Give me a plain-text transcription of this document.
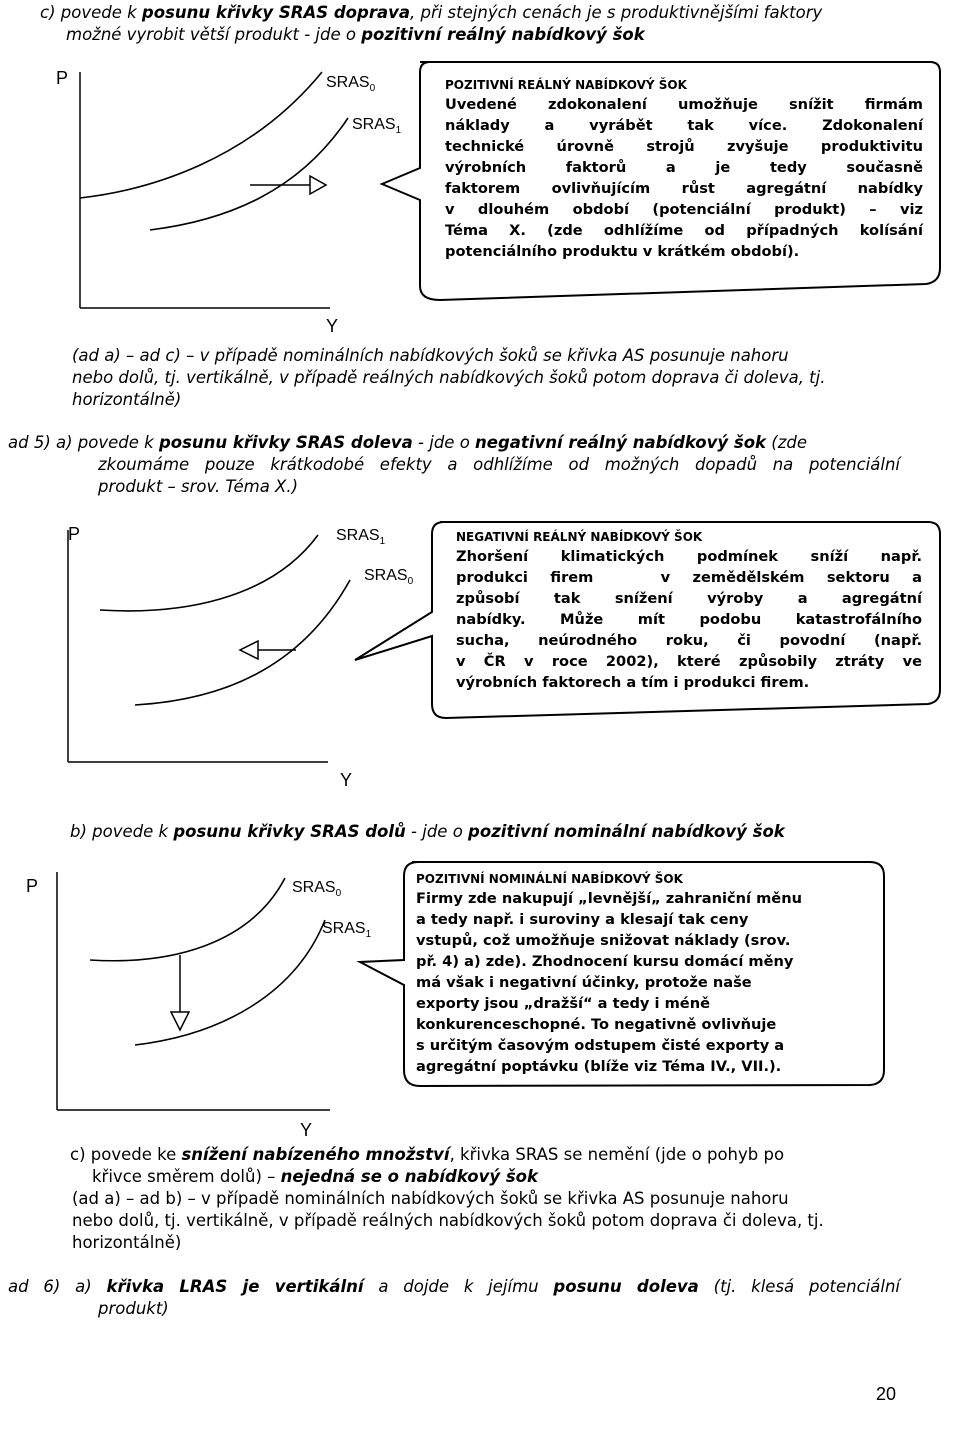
c) povede k posunu křivky SRAS doprava, při stejných cenách je s produktivnějšími faktory
možné vyrobit větší produkt - jde o pozitivní reálný nabídkový šok
P
Y
$SRAS_0$
$SRAS_1$
POZITIVNÍ REÁLNÝ NABÍDKOVÝ ŠOK
Uvedené zdokonalení umožňuje snížit firmám
náklady a vyrábět tak více. Zdokonalení
technické úrovně strojů zvyšuje produktivitu
výrobních faktorů a je tedy současně
faktorem ovlivňujícím růst agregátní nabídky
v dlouhém období (potenciální produkt) – viz
Téma X. (zde odhlížíme od případných kolísání
potenciálního produktu v krátkém období).
(ad a) – ad c) – v případě nominálních nabídkových šoků se křivka AS posunuje nahoru
nebo dolů, tj. vertikálně, v případě reálných nabídkových šoků potom doprava či doleva, tj.
horizontálně)
ad 5) a) povede k posunu křivky SRAS doleva - jde o negativní reálný nabídkový šok (zde
zkoumáme pouze krátkodobé efekty a odhlížíme od možných dopadů na potenciální
produkt – srov. Téma X.)
P
Y
$SRAS_1$
$SRAS_0$
NEGATIVNÍ REÁLNÝ NABÍDKOVÝ ŠOK
Zhoršení klimatických podmínek sníží např.
produkci firem   v zemědělském sektoru a
způsobí tak snížení výroby a agregátní
nabídky. Může mít podobu katastrofálního
sucha, neúrodného roku, či povodní (např.
v ČR v roce 2002), které způsobily ztráty ve
výrobních faktorech a tím i produkci firem.
b) povede k posunu křivky SRAS dolů - jde o pozitivní nominální nabídkový šok
P
Y
$SRAS_0$
$SRAS_1$
POZITIVNÍ NOMINÁLNÍ NABÍDKOVÝ ŠOK
Firmy zde nakupují „levnější„ zahraniční měnu
a tedy např. i suroviny a klesají tak ceny
vstupů, což umožňuje snižovat náklady (srov.
př. 4) a) zde). Zhodnocení kursu domácí měny
má však i negativní účinky, protože naše
exporty jsou „dražší“ a tedy i méně
konkurenceschopné. To negativně ovlivňuje
s určitým časovým odstupem čisté exporty a
agregátní poptávku (blíže viz Téma IV., VII.).
c) povede ke snížení nabízeného množství, křivka SRAS se nemění (jde o pohyb po
křivce směrem dolů) – nejedná se o nabídkový šok
(ad a) – ad b) – v případě nominálních nabídkových šoků se křivka AS posunuje nahoru
nebo dolů, tj. vertikálně, v případě reálných nabídkových šoků potom doprava či doleva, tj.
horizontálně)
ad 6) a) křivka LRAS je vertikální a dojde k jejímu posunu doleva (tj. klesá potenciální
produkt)
20
